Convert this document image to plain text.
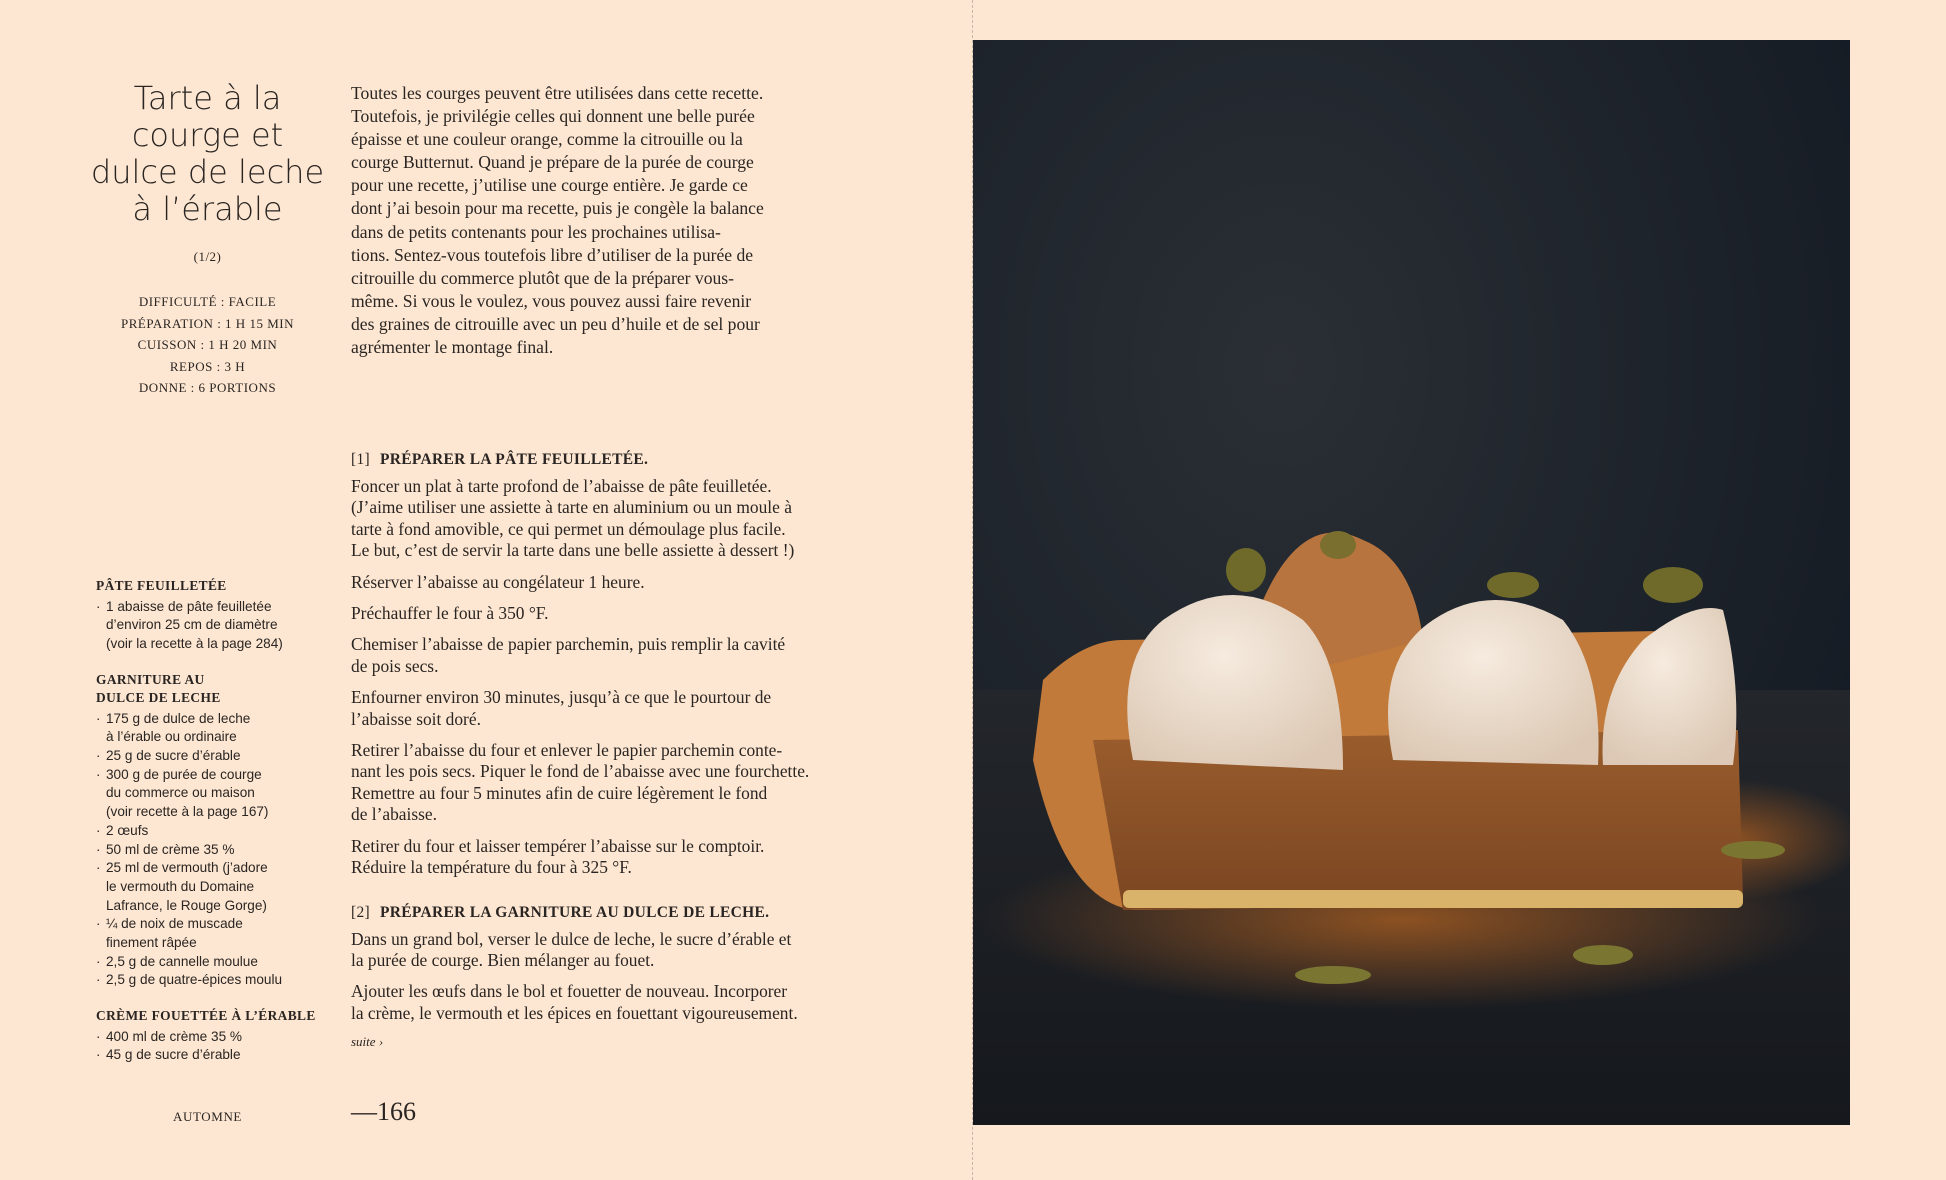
Tarte à la
courge et
dulce de leche
à l’érable
(1/2)
DIFFICULTÉ : FACILE
PRÉPARATION : 1 H 15 MIN
CUISSON : 1 H 20 MIN
REPOS : 3 H
DONNE : 6 PORTIONS

Toutes les courges peuvent être utilisées dans cette recette.
Toutefois, je privilégie celles qui donnent une belle purée
épaisse et une couleur orange, comme la citrouille ou la
courge Butternut. Quand je prépare de la purée de courge
pour une recette, j’utilise une courge entière. Je garde ce
dont j’ai besoin pour ma recette, puis je congèle la balance
dans de petits contenants pour les prochaines utilisa-
tions. Sentez-vous toutefois libre d’utiliser de la purée de
citrouille du commerce plutôt que de la préparer vous-
même. Si vous le voulez, vous pouvez aussi faire revenir
des graines de citrouille avec un peu d’huile et de sel pour
agrémenter le montage final.

PÂTE FEUILLETÉE
· 1 abaisse de pâte feuilletée
d’environ 25 cm de diamètre
(voir la recette à la page 284)
GARNITURE AU
DULCE DE LECHE
· 175 g de dulce de leche
à l’érable ou ordinaire
· 25 g de sucre d’érable
· 300 g de purée de courge
du commerce ou maison
(voir recette à la page 167)
· 2 œufs
· 50 ml de crème 35 %
· 25 ml de vermouth (j’adore
le vermouth du Domaine
Lafrance, le Rouge Gorge)
· ¼ de noix de muscade
finement râpée
· 2,5 g de cannelle moulue
· 2,5 g de quatre-épices moulu
CRÈME FOUETTÉE À L’ÉRABLE
· 400 ml de crème 35 %
· 45 g de sucre d’érable
[1] PRÉPARER LA PÂTE FEUILLETÉE.

Foncer un plat à tarte profond de l’abaisse de pâte feuilletée.
(J’aime utiliser une assiette à tarte en aluminium ou un moule à
tarte à fond amovible, ce qui permet un démoulage plus facile.
Le but, c’est de servir la tarte dans une belle assiette à dessert !)

Réserver l’abaisse au congélateur 1 heure.

Préchauffer le four à 350 °F.

Chemiser l’abaisse de papier parchemin, puis remplir la cavité
de pois secs.

Enfourner environ 30 minutes, jusqu’à ce que le pourtour de
l’abaisse soit doré.

Retirer l’abaisse du four et enlever le papier parchemin conte-
nant les pois secs. Piquer le fond de l’abaisse avec une fourchette.
Remettre au four 5 minutes afin de cuire légèrement le fond
de l’abaisse.

Retirer du four et laisser tempérer l’abaisse sur le comptoir.
Réduire la température du four à 325 °F.

[2] PRÉPARER LA GARNITURE AU DULCE DE LECHE.

Dans un grand bol, verser le dulce de leche, le sucre d’érable et
la purée de courge. Bien mélanger au fouet.

Ajouter les œufs dans le bol et fouetter de nouveau. Incorporer
la crème, le vermouth et les épices en fouettant vigoureusement.

suite ›
AUTOMNE	—166
